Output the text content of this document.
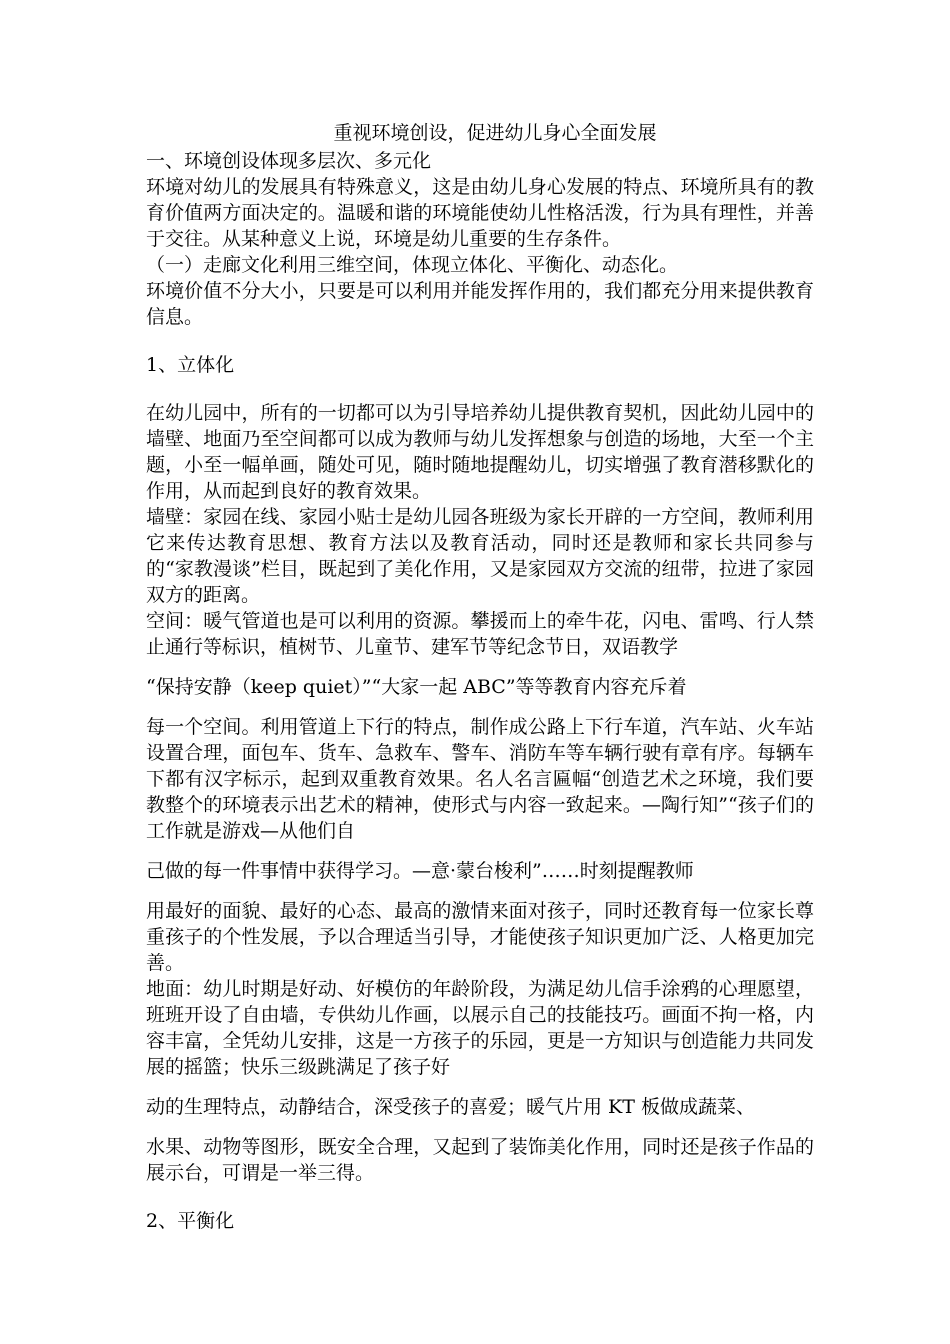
重视环境创设，促进幼儿身心全面发展

一、环境创设体现多层次、多元化

环境对幼儿的发展具有特殊意义，这是由幼儿身心发展的特点、环境所具有的教育价值两方面决定的。温暖和谐的环境能使幼儿性格活泼，行为具有理性，并善于交往。从某种意义上说，环境是幼儿重要的生存条件。

（一）走廊文化利用三维空间，体现立体化、平衡化、动态化。

环境价值不分大小，只要是可以利用并能发挥作用的，我们都充分用来提供教育信息。

1、立体化

在幼儿园中，所有的一切都可以为引导培养幼儿提供教育契机，因此幼儿园中的墙壁、地面乃至空间都可以成为教师与幼儿发挥想象与创造的场地，大至一个主题，小至一幅单画，随处可见，随时随地提醒幼儿，切实增强了教育潜移默化的作用，从而起到良好的教育效果。

墙壁：家园在线、家园小贴士是幼儿园各班级为家长开辟的一方空间，教师利用它来传达教育思想、教育方法以及教育活动，同时还是教师和家长共同参与的“家教漫谈”栏目，既起到了美化作用，又是家园双方交流的纽带，拉进了家园双方的距离。

空间：暖气管道也是可以利用的资源。攀援而上的牵牛花，闪电、雷鸣、行人禁止通行等标识，植树节、儿童节、建军节等纪念节日，双语教学

“保持安静（keep quiet）”“大家一起 ABC”等等教育内容充斥着

每一个空间。利用管道上下行的特点，制作成公路上下行车道，汽车站、火车站设置合理，面包车、货车、急救车、警车、消防车等车辆行驶有章有序。每辆车下都有汉字标示，起到双重教育效果。名人名言匾幅“创造艺术之环境，我们要教整个的环境表示出艺术的精神，使形式与内容一致起来。—陶行知”“孩子们的工作就是游戏—从他们自

己做的每一件事情中获得学习。—意·蒙台梭利”……时刻提醒教师

用最好的面貌、最好的心态、最高的激情来面对孩子，同时还教育每一位家长尊重孩子的个性发展，予以合理适当引导，才能使孩子知识更加广泛、人格更加完善。

地面：幼儿时期是好动、好模仿的年龄阶段，为满足幼儿信手涂鸦的心理愿望，班班开设了自由墙，专供幼儿作画，以展示自己的技能技巧。画面不拘一格，内容丰富，全凭幼儿安排，这是一方孩子的乐园，更是一方知识与创造能力共同发展的摇篮；快乐三级跳满足了孩子好

动的生理特点，动静结合，深受孩子的喜爱；暖气片用 KT 板做成蔬菜、

水果、动物等图形，既安全合理，又起到了装饰美化作用，同时还是孩子作品的展示台，可谓是一举三得。

2、平衡化
